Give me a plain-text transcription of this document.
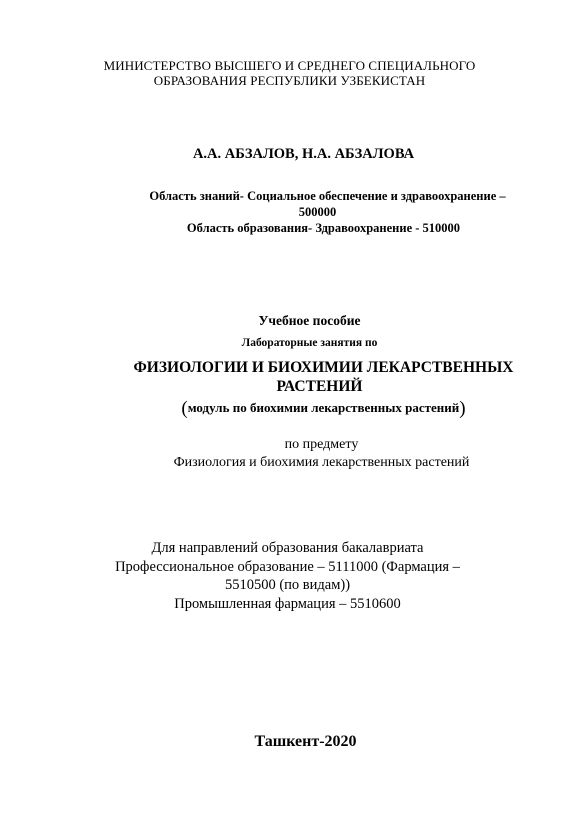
МИНИСТЕРСТВО ВЫСШЕГО И СРЕДНЕГО СПЕЦИАЛЬНОГО
ОБРАЗОВАНИЯ РЕСПУБЛИКИ УЗБЕКИСТАН
А.А. АБЗАЛОВ, Н.А. АБЗАЛОВА
Область знаний- Социальное обеспечение и здравоохранение –
500000
Область образования- Здравоохранение - 510000
Учебное пособие
Лабораторные занятия по
ФИЗИОЛОГИИ И БИОХИМИИ ЛЕКАРСТВЕННЫХ
РАСТЕНИЙ
(модуль по биохимии лекарственных растений)
по предмету
Физиология и биохимия лекарственных растений
Для направлений образования бакалавриата
Профессиональное образование – 5111000 (Фармация –
5510500 (по видам))
Промышленная фармация – 5510600
Ташкент-2020
